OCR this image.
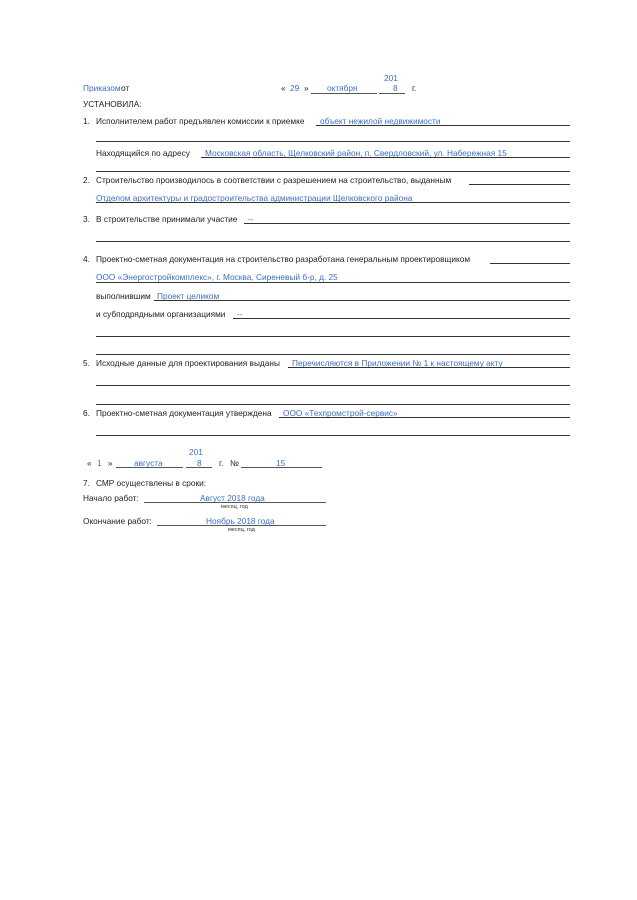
Приказом от	« 29 » октября
201
8 г.
УСТАНОВИЛА:
1. Исполнителем работ предъявлен комиссии к приемке объект нежилой недвижимости
Находящийся по адресу Московская область, Щелковский район, п. Свердловский, ул. Набережная 15
2. Строительство производилось в соответствии с разрешением на строительство, выданным
Отделом архитектуры и градостроительства администрации Щелковского района
3. В строительстве принимали участие --
4. Проектно-сметная документация на строительство разработана генеральным проектировщиком
ООО «Энергостройкомплекс», г. Москва, Сиреневый б-р, д. 25
выполнившим Проект целиком
и субподрядными организациями --
5. Исходные данные для проектирования выданы Перечисляются в Приложении № 1 к настоящему акту
6. Проектно-сметная документация утверждена ООО «Техпромстрой-сервис»
« 1 »	августа
201
8 г. №	15
7. СМР осуществлены в сроки:
Начало работ:	Август 2018 года
месяц, год
Окончание работ:	Ноябрь 2018 года
месяц, год
